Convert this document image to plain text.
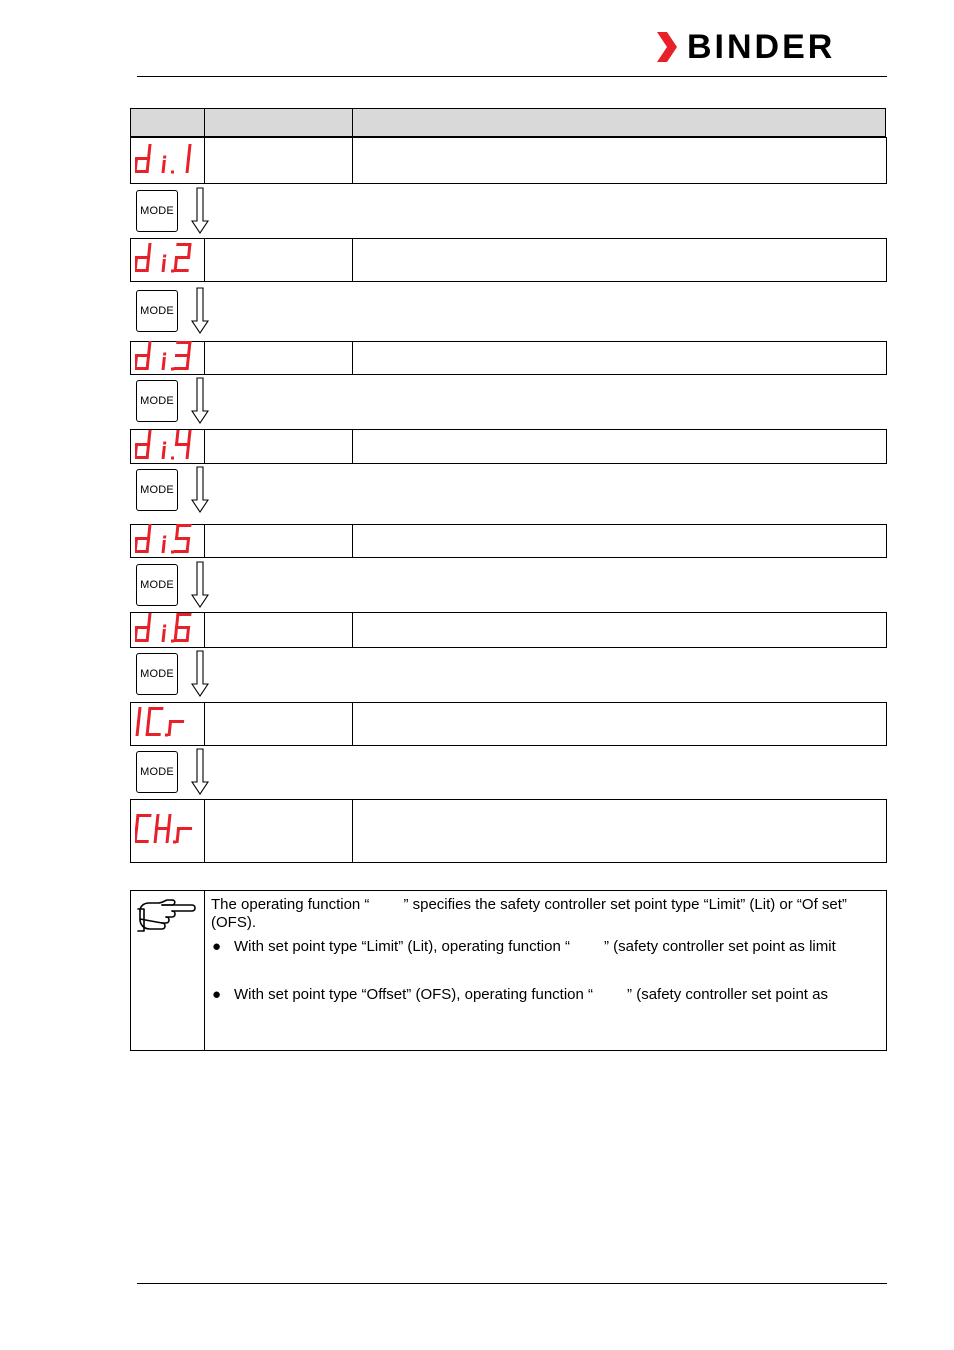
BINDER
MODE
MODE
MODE
MODE
MODE
MODE
MODE

The operating function “ ” specifies the safety controller set point type “Limit” (Lit) or “Of set” (OFS).

● With set point type “Limit” (Lit), operating function “ ” (safety controller set point as limit

● With set point type “Offset” (OFS), operating function “ ” (safety controller set point as
